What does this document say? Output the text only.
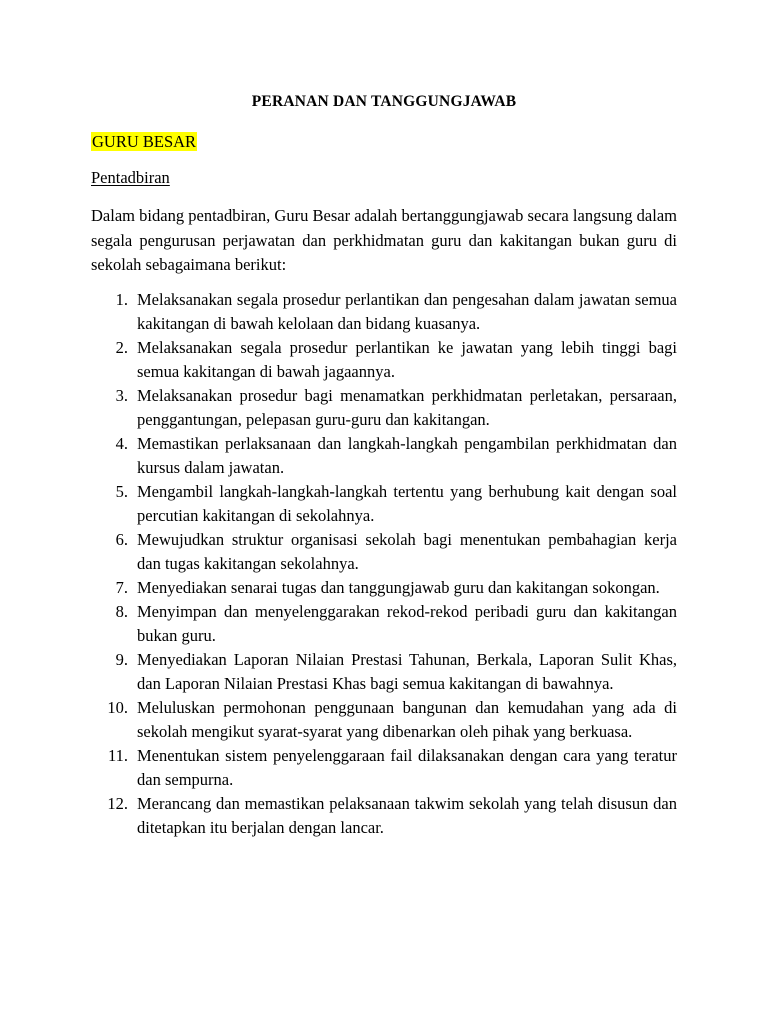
PERANAN DAN TANGGUNGJAWAB
GURU BESAR
Pentadbiran
Dalam bidang pentadbiran, Guru Besar adalah bertanggungjawab secara langsung dalam segala pengurusan perjawatan dan perkhidmatan guru dan kakitangan bukan guru di sekolah sebagaimana berikut:
1. Melaksanakan segala prosedur perlantikan dan pengesahan dalam jawatan semua kakitangan di bawah kelolaan dan bidang kuasanya.
2. Melaksanakan segala prosedur perlantikan ke jawatan yang lebih tinggi bagi semua kakitangan di bawah jagaannya.
3. Melaksanakan prosedur bagi menamatkan perkhidmatan perletakan, persaraan, penggantungan, pelepasan guru-guru dan kakitangan.
4. Memastikan perlaksanaan dan langkah-langkah pengambilan perkhidmatan dan kursus dalam jawatan.
5. Mengambil langkah-langkah-langkah tertentu yang berhubung kait dengan soal percutian kakitangan di sekolahnya.
6. Mewujudkan struktur organisasi sekolah bagi menentukan pembahagian kerja dan tugas kakitangan sekolahnya.
7. Menyediakan senarai tugas dan tanggungjawab guru dan kakitangan sokongan.
8. Menyimpan dan menyelenggarakan rekod-rekod peribadi guru dan kakitangan bukan guru.
9. Menyediakan Laporan Nilaian Prestasi Tahunan, Berkala, Laporan Sulit Khas, dan Laporan Nilaian Prestasi Khas bagi semua kakitangan di bawahnya.
10. Meluluskan permohonan penggunaan bangunan dan kemudahan yang ada di sekolah mengikut syarat-syarat yang dibenarkan oleh pihak yang berkuasa.
11. Menentukan sistem penyelenggaraan fail dilaksanakan dengan cara yang teratur dan sempurna.
12. Merancang dan memastikan pelaksanaan takwim sekolah yang telah disusun dan ditetapkan itu berjalan dengan lancar.
